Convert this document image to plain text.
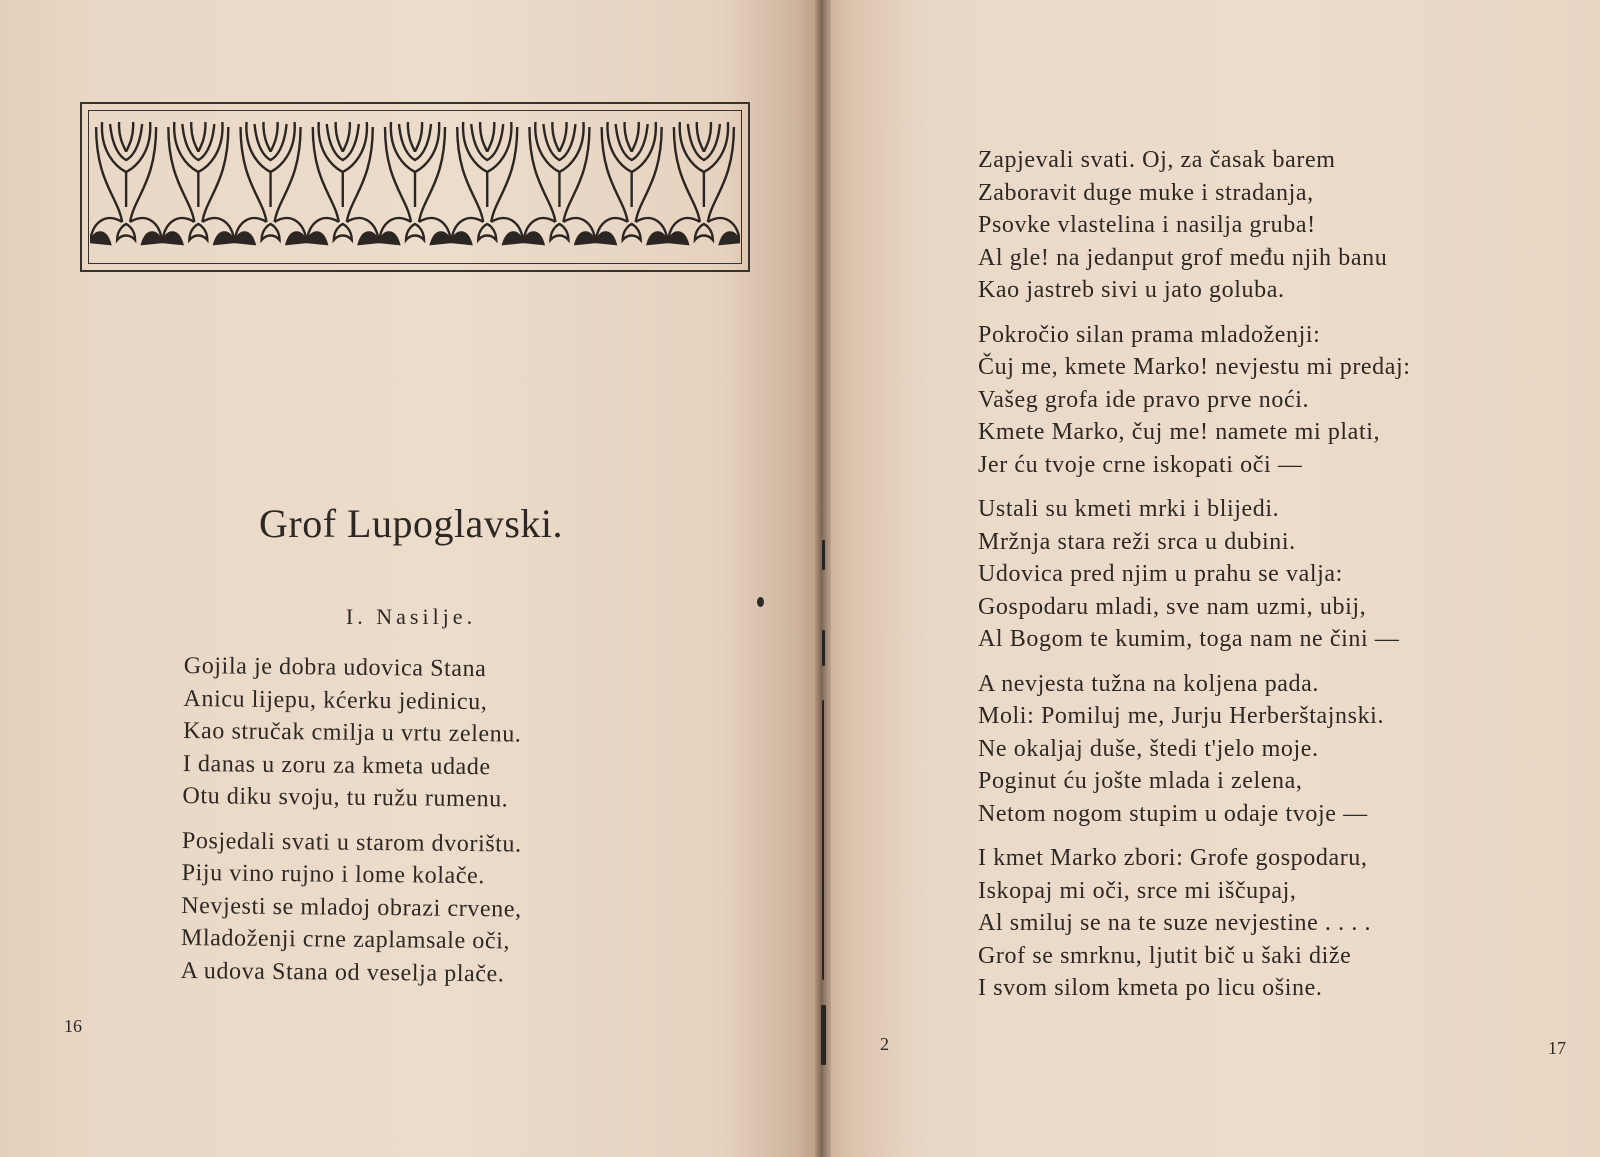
Grof Lupoglavski.
I. Nasilje.
Gojila je dobra udovica Stana
Anicu lijepu, kćerku jedinicu,
Kao stručak cmilja u vrtu zelenu.
I danas u zoru za kmeta udade
Otu diku svoju, tu ružu rumenu.
Posjedali svati u starom dvorištu.
Piju vino rujno i lome kolače.
Nevjesti se mladoj obrazi crvene,
Mladoženji crne zaplamsale oči,
A udova Stana od veselja plače.
16
Zapjevali svati. Oj, za časak barem
Zaboravit duge muke i stradanja,
Psovke vlastelina i nasilja gruba!
Al gle! na jedanput grof među njih banu
Kao jastreb sivi u jato goluba.
Pokročio silan prama mladoženji:
Čuj me, kmete Marko! nevjestu mi predaj:
Vašeg grofa ide pravo prve noći.
Kmete Marko, čuj me! namete mi plati,
Jer ću tvoje crne iskopati oči —
Ustali su kmeti mrki i blijedi.
Mržnja stara reži srca u dubini.
Udovica pred njim u prahu se valja:
Gospodaru mladi, sve nam uzmi, ubij,
Al Bogom te kumim, toga nam ne čini —
A nevjesta tužna na koljena pada.
Moli: Pomiluj me, Jurju Herberštajnski.
Ne okaljaj duše, štedi t'jelo moje.
Poginut ću jošte mlada i zelena,
Netom nogom stupim u odaje tvoje —
I kmet Marko zbori: Grofe gospodaru,
Iskopaj mi oči, srce mi iščupaj,
Al smiluj se na te suze nevjestine . . . .
Grof se smrknu, ljutit bič u šaki diže
I svom silom kmeta po licu ošine.
2	17
